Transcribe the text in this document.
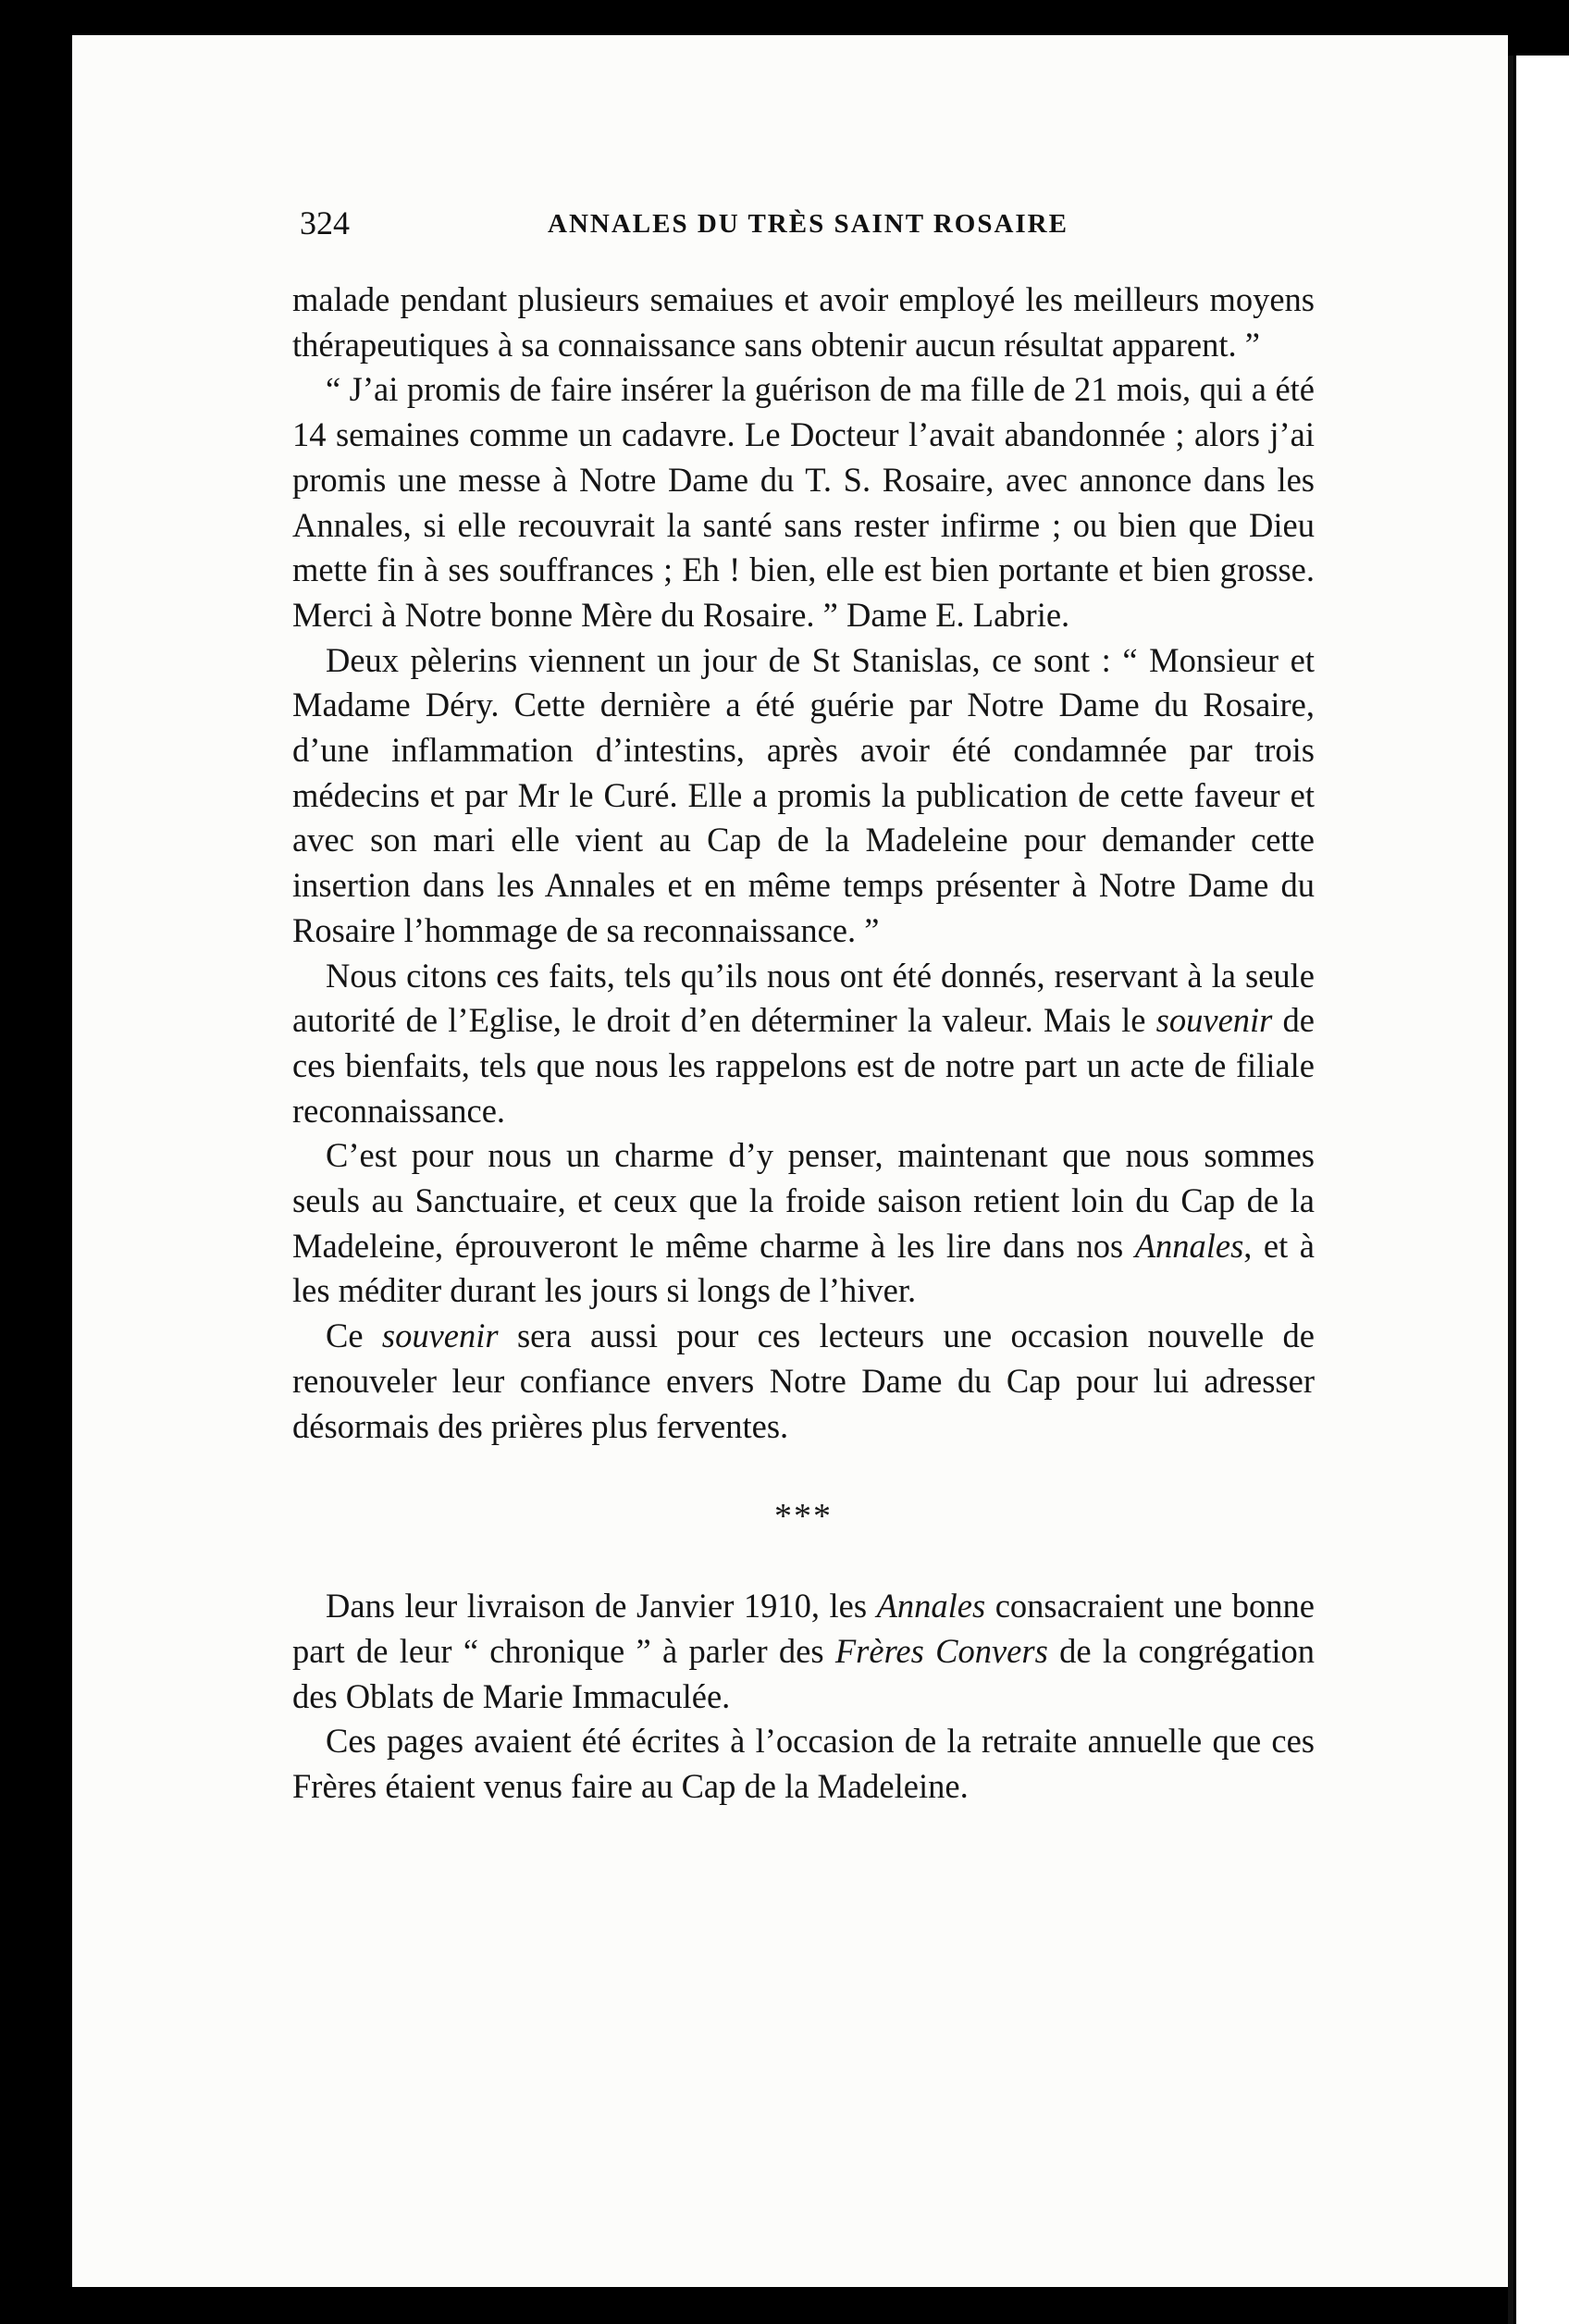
324	ANNALES DU TRÈS SAINT ROSAIRE

malade pendant plusieurs semaiues et avoir employé les meilleurs moyens thérapeutiques à sa connaissance sans obtenir aucun résultat apparent. ”

“ J’ai promis de faire insérer la guérison de ma fille de 21 mois, qui a été 14 semaines comme un cadavre. Le Docteur l’avait abandonnée ; alors j’ai promis une messe à Notre Dame du T. S. Rosaire, avec annonce dans les Annales, si elle recouvrait la santé sans rester infirme ; ou bien que Dieu mette fin à ses souffrances ; Eh ! bien, elle est bien portante et bien grosse. Merci à Notre bonne Mère du Rosaire. ” Dame E. Labrie.

Deux pèlerins viennent un jour de St Stanislas, ce sont : “ Monsieur et Madame Déry. Cette dernière a été guérie par Notre Dame du Rosaire, d’une inflammation d’intestins, après avoir été condamnée par trois médecins et par Mr le Curé. Elle a promis la publication de cette faveur et avec son mari elle vient au Cap de la Madeleine pour demander cette insertion dans les Annales et en même temps présenter à Notre Dame du Rosaire l’hommage de sa reconnaissance. ”

Nous citons ces faits, tels qu’ils nous ont été donnés, reservant à la seule autorité de l’Eglise, le droit d’en déterminer la valeur. Mais le souvenir de ces bienfaits, tels que nous les rappelons est de notre part un acte de filiale reconnaissance.

C’est pour nous un charme d’y penser, maintenant que nous sommes seuls au Sanctuaire, et ceux que la froide saison retient loin du Cap de la Madeleine, éprouveront le même charme à les lire dans nos Annales, et à les méditer durant les jours si longs de l’hiver.

Ce souvenir sera aussi pour ces lecteurs une occasion nouvelle de renouveler leur confiance envers Notre Dame du Cap pour lui adresser désormais des prières plus ferventes.

***

Dans leur livraison de Janvier 1910, les Annales consacraient une bonne part de leur “ chronique ” à parler des Frères Convers de la congrégation des Oblats de Marie Immaculée.

Ces pages avaient été écrites à l’occasion de la retraite annuelle que ces Frères étaient venus faire au Cap de la Madeleine.
